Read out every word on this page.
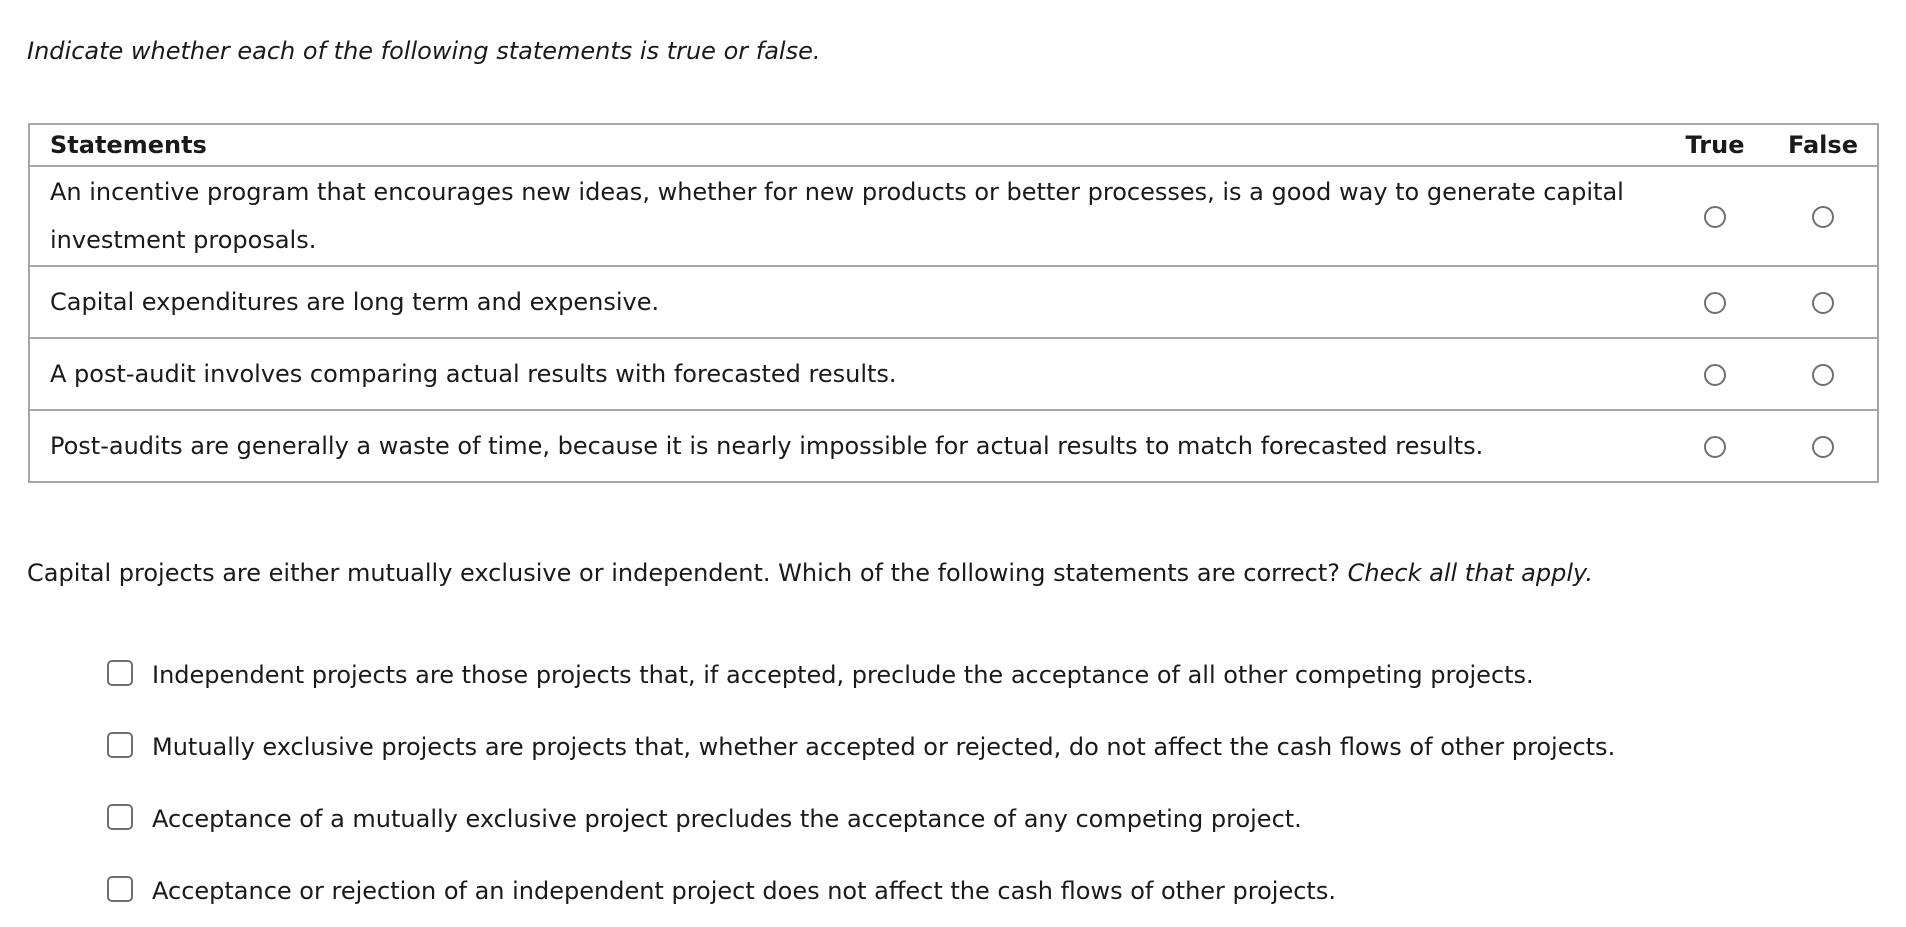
Indicate whether each of the following statements is true or false.

Statements	True	False
An incentive program that encourages new ideas, whether for new products or better processes, is a good way to generate capital investment proposals.		
Capital expenditures are long term and expensive.		
A post-audit involves comparing actual results with forecasted results.		
Post-audits are generally a waste of time, because it is nearly impossible for actual results to match forecasted results.		

Capital projects are either mutually exclusive or independent. Which of the following statements are correct? Check all that apply.

Independent projects are those projects that, if accepted, preclude the acceptance of all other competing projects.
Mutually exclusive projects are projects that, whether accepted or rejected, do not affect the cash flows of other projects.
Acceptance of a mutually exclusive project precludes the acceptance of any competing project.
Acceptance or rejection of an independent project does not affect the cash flows of other projects.
